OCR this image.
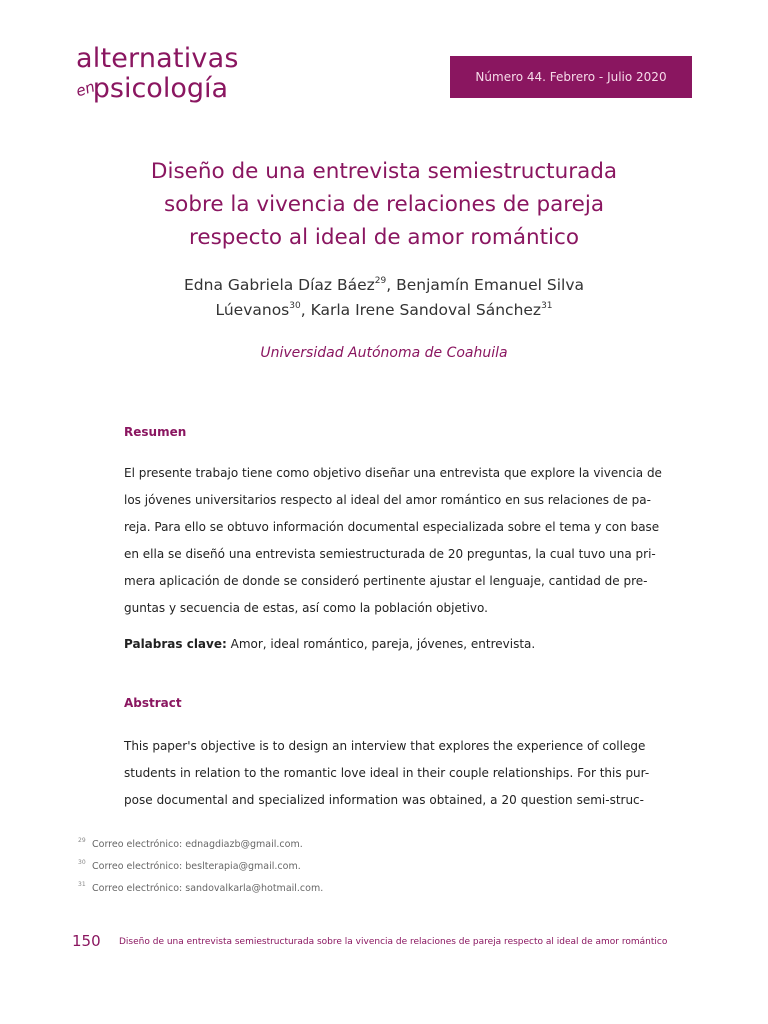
alternativas
enpsicología	Número 44. Febrero - Julio 2020
Diseño de una entrevista semiestructurada
sobre la vivencia de relaciones de pareja
respecto al ideal de amor romántico
Edna Gabriela Díaz Báez$^{29}$, Benjamín Emanuel Silva
Lúevanos$^{30}$, Karla Irene Sandoval Sánchez$^{31}$
Universidad Autónoma de Coahuila
Resumen
El presente trabajo tiene como objetivo diseñar una entrevista que explore la vivencia de
los jóvenes universitarios respecto al ideal del amor romántico en sus relaciones de pa-
reja. Para ello se obtuvo información documental especializada sobre el tema y con base
en ella se diseñó una entrevista semiestructurada de 20 preguntas, la cual tuvo una pri-
mera aplicación de donde se consideró pertinente ajustar el lenguaje, cantidad de pre-
guntas y secuencia de estas, así como la población objetivo.
Palabras clave: Amor, ideal romántico, pareja, jóvenes, entrevista.
Abstract
This paper's objective is to design an interview that explores the experience of college
students in relation to the romantic love ideal in their couple relationships. For this pur-
pose documental and specialized information was obtained, a 20 question semi-struc-
$^{29}$ Correo electrónico: ednagdiazb@gmail.com.
$^{30}$ Correo electrónico: beslterapia@gmail.com.
$^{31}$ Correo electrónico: sandovalkarla@hotmail.com.
150 Diseño de una entrevista semiestructurada sobre la vivencia de relaciones de pareja respecto al ideal de amor romántico
